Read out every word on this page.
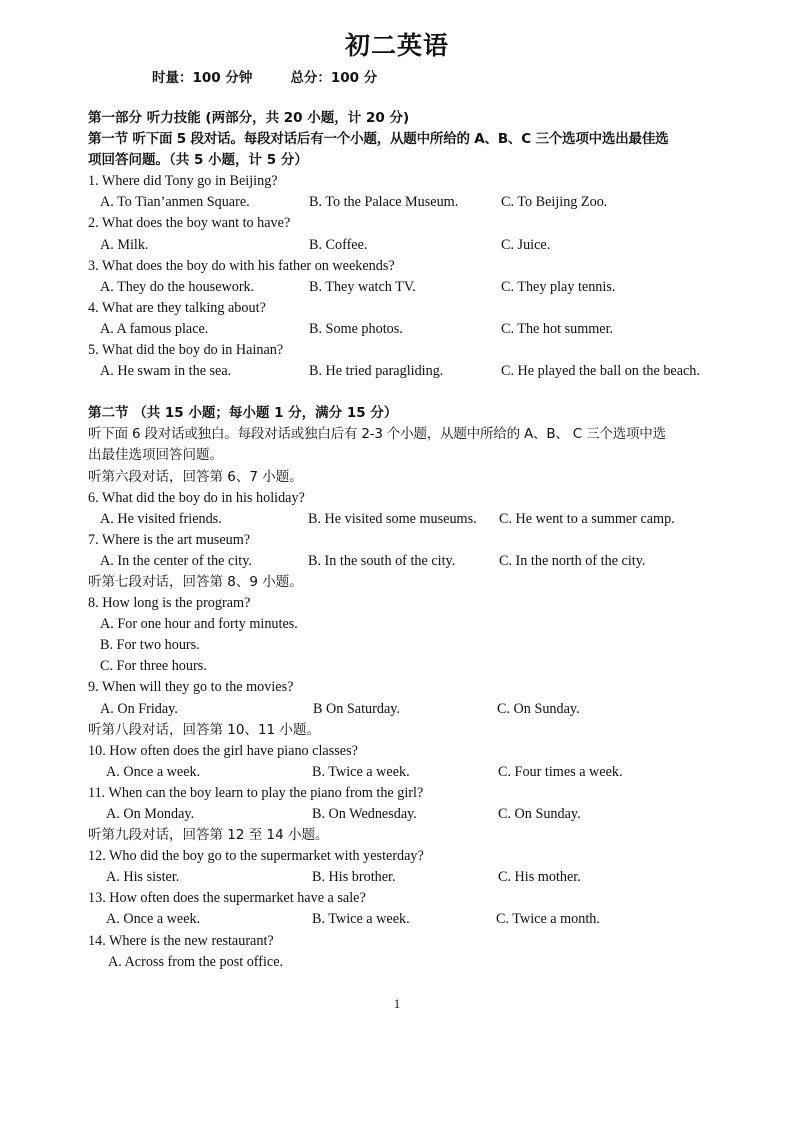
初二英语
时量：100 分钟	总分：100 分
第一部分 听力技能 (两部分，共 20 小题，计 20 分)
第一节 听下面 5 段对话。每段对话后有一个小题，从题中所给的 A、B、C 三个选项中选出最佳选
项回答问题。（共 5 小题，计 5 分）
1. Where did Tony go in Beijing?
A. To Tian’anmen Square.	B. To the Palace Museum.	C. To Beijing Zoo.
2. What does the boy want to have?
A. Milk.	B. Coffee.	C. Juice.
3. What does the boy do with his father on weekends?
A. They do the housework.	B. They watch TV.	C. They play tennis.
4. What are they talking about?
A. A famous place.	B. Some photos.	C. The hot summer.
5. What did the boy do in Hainan?
A. He swam in the sea.	B. He tried paragliding.	C. He played the ball on the beach.
第二节 （共 15 小题；每小题 1 分，满分 15 分）
听下面 6 段对话或独白。每段对话或独白后有 2-3 个小题，从题中所给的 A、B、 C 三个选项中选
出最佳选项回答问题。
听第六段对话，回答第 6、7 小题。
6. What did the boy do in his holiday?
A. He visited friends.	B. He visited some museums. C. He went to a summer camp.
7. Where is the art museum?
A. In the center of the city.	B. In the south of the city.	C. In the north of the city.
听第七段对话，回答第 8、9 小题。
8. How long is the program?
A. For one hour and forty minutes.
B. For two hours.
C. For three hours.
9. When will they go to the movies?
A. On Friday.	B On Saturday.	C. On Sunday.
听第八段对话，回答第 10、11 小题。
10. How often does the girl have piano classes?
A. Once a week.	B. Twice a week.	C. Four times a week.
11. When can the boy learn to play the piano from the girl?
A. On Monday.	B. On Wednesday.	C. On Sunday.
听第九段对话，回答第 12 至 14 小题。
12. Who did the boy go to the supermarket with yesterday?
A. His sister.	B. His brother.	C. His mother.
13. How often does the supermarket have a sale?
A. Once a week.	B. Twice a week.	C. Twice a month.
14. Where is the new restaurant?
A. Across from the post office.
1
